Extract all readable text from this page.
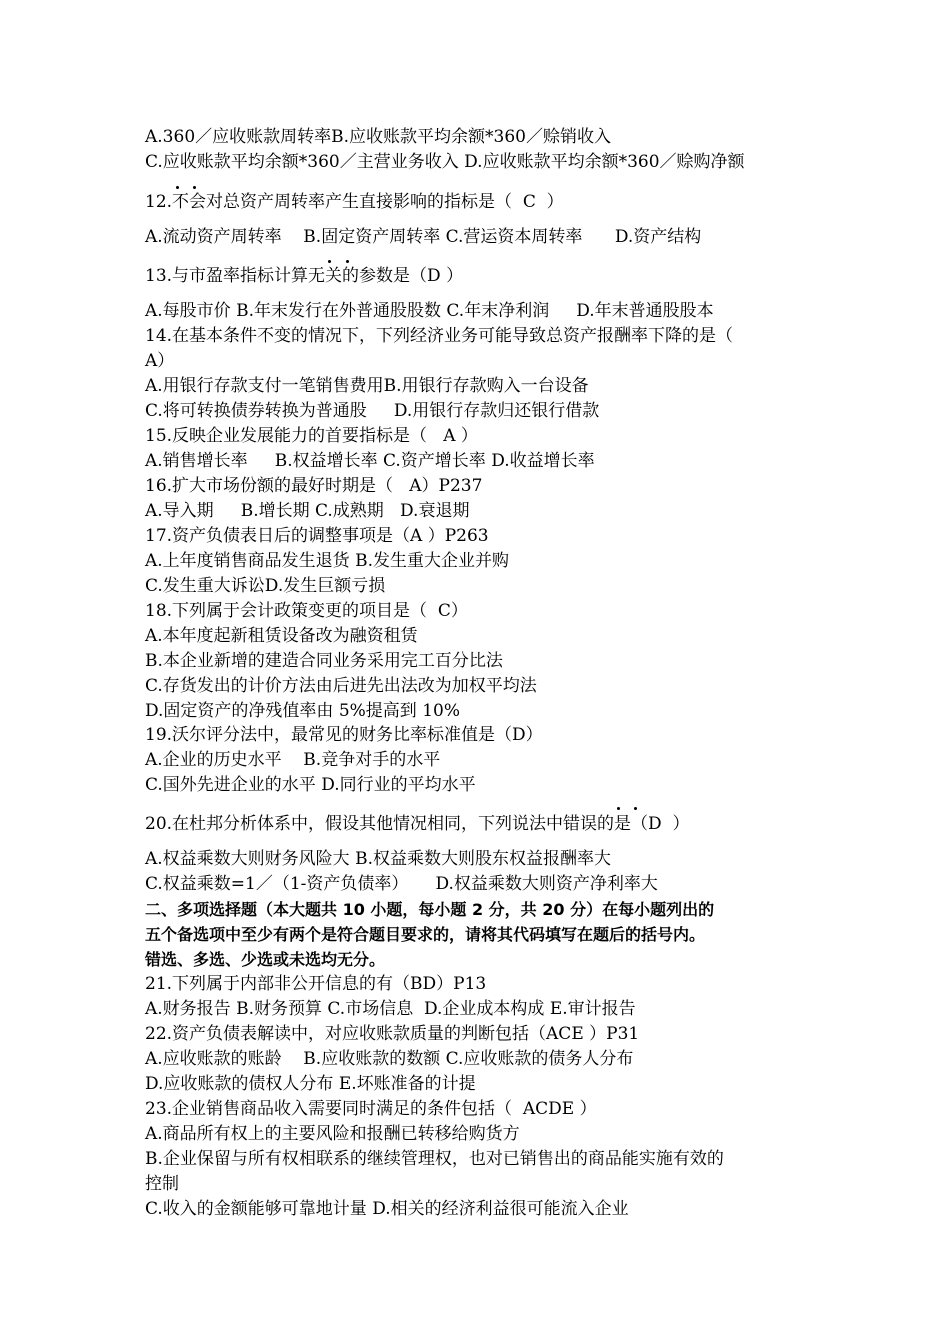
A.360／应收账款周转率B.应收账款平均余额*360／赊销收入
C.应收账款平均余额*360／主营业务收入 D.应收账款平均余额*360／赊购净额
12.不会对总资产周转率产生直接影响的指标是（  C  ）
A.流动资产周转率    B.固定资产周转率 C.营运资本周转率      D.资产结构
13.与市盈率指标计算无关的参数是（D ）
A.每股市价 B.年末发行在外普通股股数 C.年末净利润     D.年末普通股股本
14.在基本条件不变的情况下，下列经济业务可能导致总资产报酬率下降的是（
A）
A.用银行存款支付一笔销售费用B.用银行存款购入一台设备
C.将可转换债券转换为普通股     D.用银行存款归还银行借款
15.反映企业发展能力的首要指标是（   A ）
A.销售增长率     B.权益增长率 C.资产增长率 D.收益增长率
16.扩大市场份额的最好时期是（   A）P237
A.导入期     B.增长期 C.成熟期   D.衰退期
17.资产负债表日后的调整事项是（A ）P263
A.上年度销售商品发生退货 B.发生重大企业并购
C.发生重大诉讼D.发生巨额亏损
18.下列属于会计政策变更的项目是（  C）
A.本年度起新租赁设备改为融资租赁
B.本企业新增的建造合同业务采用完工百分比法
C.存货发出的计价方法由后进先出法改为加权平均法
D.固定资产的净残值率由 5%提高到 10%
19.沃尔评分法中，最常见的财务比率标准值是（D）
A.企业的历史水平    B.竞争对手的水平
C.国外先进企业的水平 D.同行业的平均水平
20.在杜邦分析体系中，假设其他情况相同，下列说法中错误的是（D  ）
A.权益乘数大则财务风险大 B.权益乘数大则股东权益报酬率大
C.权益乘数=1／（1-资产负债率）     D.权益乘数大则资产净利率大
二、多项选择题（本大题共 10 小题，每小题 2 分，共 20 分）在每小题列出的
五个备选项中至少有两个是符合题目要求的，请将其代码填写在题后的括号内。
错选、多选、少选或未选均无分。
21.下列属于内部非公开信息的有（BD）P13
A.财务报告 B.财务预算 C.市场信息  D.企业成本构成 E.审计报告
22.资产负债表解读中，对应收账款质量的判断包括（ACE ）P31
A.应收账款的账龄    B.应收账款的数额 C.应收账款的债务人分布
D.应收账款的债权人分布 E.坏账准备的计提
23.企业销售商品收入需要同时满足的条件包括（  ACDE ）
A.商品所有权上的主要风险和报酬已转移给购货方
B.企业保留与所有权相联系的继续管理权，也对已销售出的商品能实施有效的
控制
C.收入的金额能够可靠地计量 D.相关的经济利益很可能流入企业
